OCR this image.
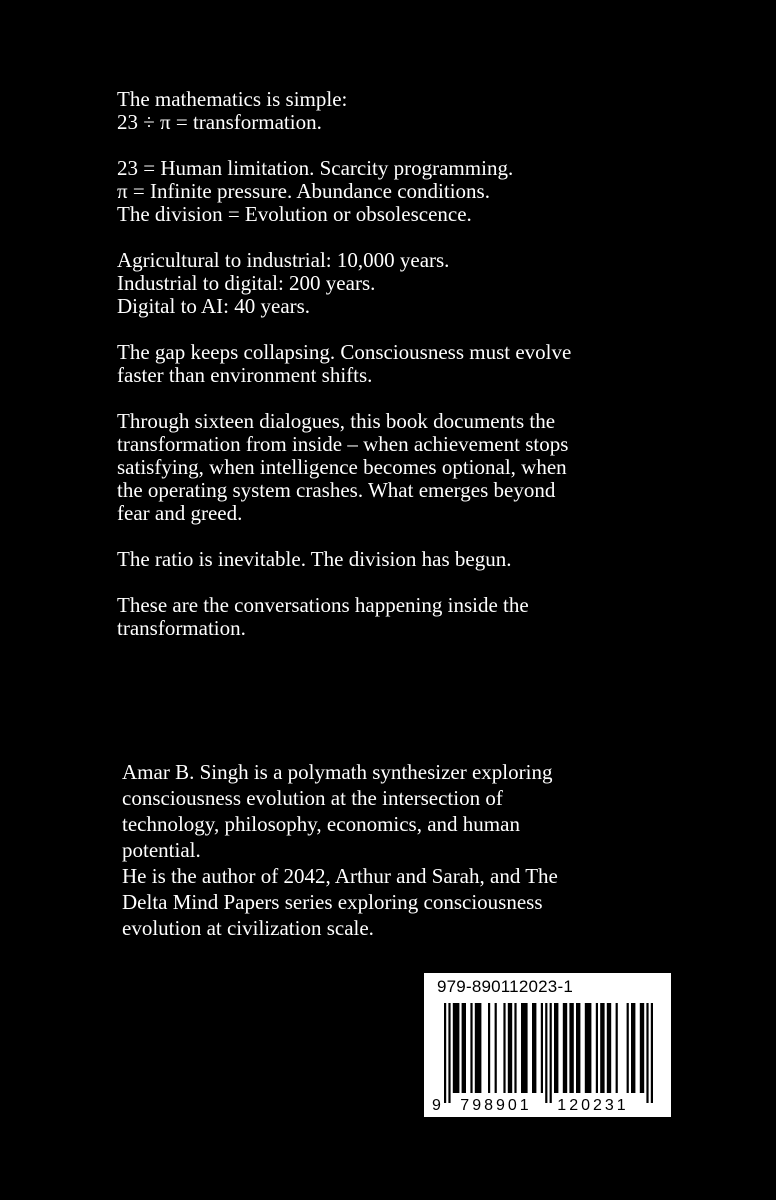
The mathematics is simple:
23 ÷ π = transformation.

23 = Human limitation. Scarcity programming.
π = Infinite pressure. Abundance conditions.
The division = Evolution or obsolescence.

Agricultural to industrial: 10,000 years.
Industrial to digital: 200 years.
Digital to AI: 40 years.

The gap keeps collapsing. Consciousness must evolve
faster than environment shifts.

Through sixteen dialogues, this book documents the
transformation from inside – when achievement stops
satisfying, when intelligence becomes optional, when
the operating system crashes. What emerges beyond
fear and greed.

The ratio is inevitable. The division has begun.

These are the conversations happening inside the
transformation.

Amar B. Singh is a polymath synthesizer exploring
consciousness evolution at the intersection of
technology, philosophy, economics, and human
potential.
He is the author of 2042, Arthur and Sarah, and The
Delta Mind Papers series exploring consciousness
evolution at civilization scale.
979-890112023-1
9 798901 120231
